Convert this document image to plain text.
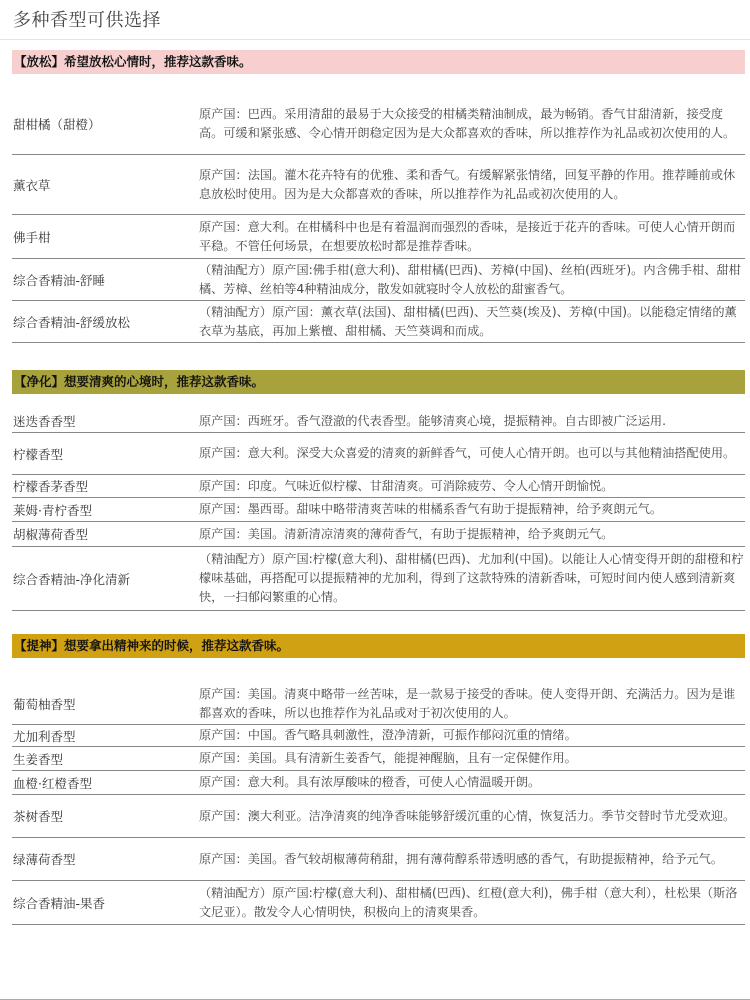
多种香型可供选择
【放松】希望放松心情时，推荐这款香味。
甜柑橘（甜橙）
原产国：巴西。采用清甜的最易于大众接受的柑橘类精油制成，最为畅销。香气甘甜清新，接受度高。可缓和紧张感、令心情开朗稳定因为是大众都喜欢的香味，所以推荐作为礼品或初次使用的人。
薰衣草
原产国：法国。灌木花卉特有的优雅、柔和香气。有缓解紧张情绪，回复平静的作用。推荐睡前或休息放松时使用。因为是大众都喜欢的香味，所以推荐作为礼品或初次使用的人。
佛手柑
原产国：意大利。在柑橘科中也是有着温润而强烈的香味，是接近于花卉的香味。可使人心情开朗而平稳。不管任何场景，在想要放松时都是推荐香味。
综合香精油-舒睡
（精油配方）原产国:佛手柑(意大利)、甜柑橘(巴西)、芳樟(中国)、丝柏(西班牙)。内含佛手柑、甜柑橘、芳樟、丝柏等4种精油成分，散发如就寝时令人放松的甜蜜香气。
综合香精油-舒缓放松
（精油配方）原产国：薰衣草(法国)、甜柑橘(巴西)、天竺葵(埃及)、芳樟(中国)。以能稳定情绪的薰衣草为基底，再加上紫檀、甜柑橘、天竺葵调和而成。
【净化】想要清爽的心境时，推荐这款香味。
迷迭香香型	原产国：西班牙。香气澄澈的代表香型。能够清爽心境，提振精神。自古即被广泛运用.
柠檬香型	原产国：意大利。深受大众喜爱的清爽的新鲜香气，可使人心情开朗。也可以与其他精油搭配使用。
柠檬香茅香型	原产国：印度。气味近似柠檬、甘甜清爽。可消除疲劳、令人心情开朗愉悦。
莱姆·青柠香型	原产国：墨西哥。甜味中略带清爽苦味的柑橘系香气有助于提振精神，给予爽朗元气。
胡椒薄荷香型	原产国：美国。清新清凉清爽的薄荷香气，有助于提振精神，给予爽朗元气。
综合香精油-净化清新
（精油配方）原产国:柠檬(意大利)、甜柑橘(巴西)、尤加利(中国)。以能让人心情变得开朗的甜橙和柠檬味基础，再搭配可以提振精神的尤加利，得到了这款特殊的清新香味，可短时间内使人感到清新爽快，一扫郁闷繁重的心情。
【提神】想要拿出精神来的时候，推荐这款香味。
葡萄柚香型
原产国：美国。清爽中略带一丝苦味，是一款易于接受的香味。使人变得开朗、充满活力。因为是谁都喜欢的香味，所以也推荐作为礼品或对于初次使用的人。
尤加利香型	原产国：中国。香气略具刺激性，澄净清新，可振作郁闷沉重的情绪。
生姜香型	原产国：美国。具有清新生姜香气，能提神醒脑，且有一定保健作用。
血橙·红橙香型	原产国：意大利。具有浓厚酸味的橙香，可使人心情温暖开朗。
茶树香型	原产国：澳大利亚。洁净清爽的纯净香味能够舒缓沉重的心情，恢复活力。季节交替时节尤受欢迎。
绿薄荷香型	原产国：美国。香气较胡椒薄荷稍甜，拥有薄荷醇系带透明感的香气，有助提振精神，给予元气。
综合香精油-果香
（精油配方）原产国:柠檬(意大利)、甜柑橘(巴西)、红橙(意大利)，佛手柑（意大利），杜松果（斯洛文尼亚）。散发令人心情明快，积极向上的清爽果香。
